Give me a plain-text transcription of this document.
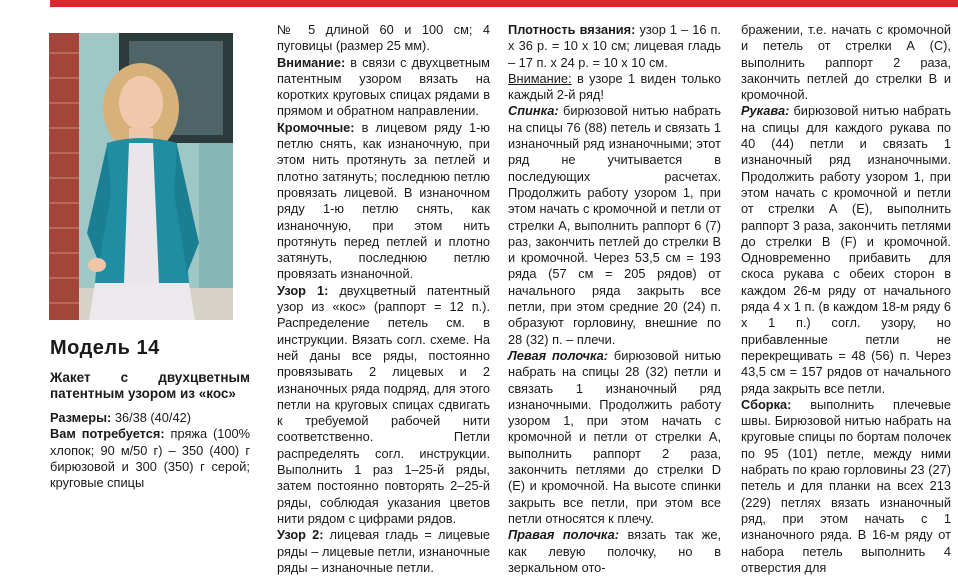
Модель 14
Жакет с двухцветным патентным узором из «кос»

Размеры: 36/38 (40/42)

Вам потребуется: пряжа (100% хлопок; 90 м/50 г) – 350 (400) г бирюзовой и 300 (350) г серой; круговые спицы

№ 5 длиной 60 и 100 см; 4 пуговицы (размер 25 мм).

Внимание: в связи с двухцветным патентным узором вязать на коротких круговых спицах рядами в прямом и обратном направлении.

Кромочные: в лицевом ряду 1-ю петлю снять, как изнаночную, при этом нить протянуть за петлей и плотно затянуть; последнюю петлю провязать лицевой. В изнаночном ряду 1-ю петлю снять, как изнаночную, при этом нить протянуть перед петлей и плотно затянуть, последнюю петлю провязать изнаночной.

Узор 1: двухцветный патентный узор из «кос» (раппорт = 12 п.). Распределение петель см. в инструкции. Вязать согл. схеме. На ней даны все ряды, постоянно провязывать 2 лицевых и 2 изнаночных ряда подряд, для этого петли на круговых спицах сдвигать к требуемой рабочей нити соответственно. Петли распределять согл. инструкции. Выполнить 1 раз 1–25-й ряды, затем постоянно повторять 2–25-й ряды, соблюдая указания цветов нити рядом с цифрами рядов.

Узор 2: лицевая гладь = лицевые ряды – лицевые петли, изнаночные ряды – изнаночные петли.

Плотность вязания: узор 1 – 16 п. х 36 р. = 10 х 10 см; лицевая гладь – 17 п. х 24 р. = 10 х 10 см.

Внимание: в узоре 1 виден только каждый 2-й ряд!

Спинка: бирюзовой нитью набрать на спицы 76 (88) петель и связать 1 изнаночный ряд изнаночными; этот ряд не учитывается в последующих расчетах. Продолжить работу узором 1, при этом начать с кромочной и петли от стрелки А, выполнить раппорт 6 (7) раз, закончить петлей до стрелки В и кромочной. Через 53,5 см = 193 ряда (57 см = 205 рядов) от начального ряда закрыть все петли, при этом средние 20 (24) п. образуют горловину, внешние по 28 (32) п. – плечи.

Левая полочка: бирюзовой нитью набрать на спицы 28 (32) петли и связать 1 изнаночный ряд изнаночными. Продолжить работу узором 1, при этом начать с кромочной и петли от стрелки А, выполнить раппорт 2 раза, закончить петлями до стрелки D (E) и кромочной. На высоте спинки закрыть все петли, при этом все петли относятся к плечу.

Правая полочка: вязать так же, как левую полочку, но в зеркальном ото-

бражении, т.е. начать с кромочной и петель от стрелки А (С), выполнить раппорт 2 раза, закончить петлей до стрелки В и кромочной.

Рукава: бирюзовой нитью набрать на спицы для каждого рукава по 40 (44) петли и связать 1 изнаночный ряд изнаночными. Продолжить работу узором 1, при этом начать с кромочной и петли от стрелки А (E), выполнить раппорт 3 раза, закончить петлями до стрелки В (F) и кромочной. Одновременно прибавить для скоса рукава с обеих сторон в каждом 26-м ряду от начального ряда 4 х 1 п. (в каждом 18-м ряду 6 х 1 п.) согл. узору, но прибавленные петли не перекрещивать = 48 (56) п. Через 43,5 см = 157 рядов от начального ряда закрыть все петли.

Сборка: выполнить плечевые швы. Бирюзовой нитью набрать на круговые спицы по бортам полочек по 95 (101) петле, между ними набрать по краю горловины 23 (27) петель и для планки на всех 213 (229) петлях вязать изнаночный ряд, при этом начать с 1 изнаночного ряда. В 16-м ряду от набора петель выполнить 4 отверстия для
